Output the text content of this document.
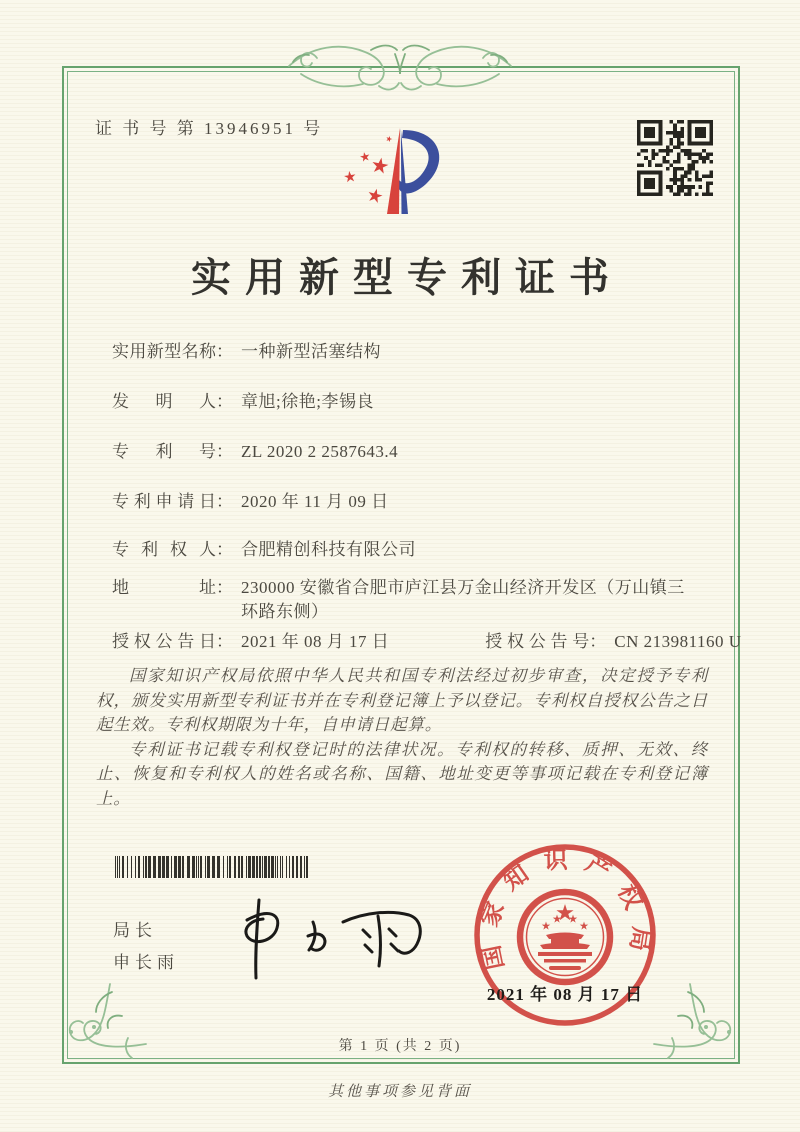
证 书 号 第 13946951 号
实用新型专利证书
实用新型名称 ： 一种新型活塞结构
发　明　人 ： 章旭;徐艳;李锡良
专　利　号 ： ZL 2020 2 2587643.4
专利申请日 ： 2020 年 11 月 09 日
专 利 权 人 ： 合肥精创科技有限公司
地　　　址 ： 230000 安徽省合肥市庐江县万金山经济开发区（万山镇三环路东侧）
授权公告日 ： 2021 年 08 月 17 日	授权公告号 ： CN 213981160 U

国家知识产权局依照中华人民共和国专利法经过初步审查，决定授予专利权，颁发实用新型专利证书并在专利登记簿上予以登记。专利权自授权公告之日起生效。专利权期限为十年，自申请日起算。

专利证书记载专利权登记时的法律状况。专利权的转移、质押、无效、终止、恢复和专利权人的姓名或名称、国籍、地址变更等事项记载在专利登记簿上。

局长
申长雨	国家知识产权局
2021 年 08 月 17 日
第 1 页 (共 2 页)
其他事项参见背面
